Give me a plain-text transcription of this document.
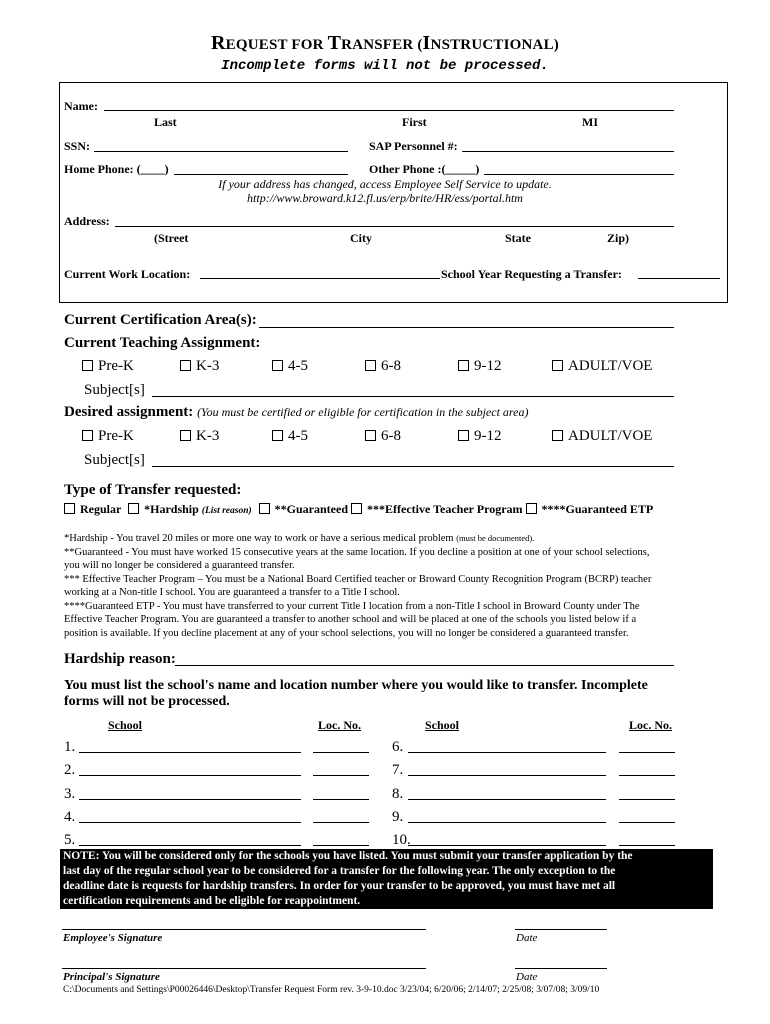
REQUEST FOR TRANSFER (INSTRUCTIONAL)
Incomplete forms will not be processed.
Name:
Last	First	MI
SSN:	SAP Personnel #:
Home Phone: (____)	Other Phone :(_____)
If your address has changed, access Employee Self Service to update.
http://www.broward.k12.fl.us/erp/brite/HR/ess/portal.htm
Address:
(Street	City	State	Zip)
Current Work Location:	School Year Requesting a Transfer:
Current Certification Area(s):
Current Teaching Assignment:
Pre-K	K-3	4-5	6-8	9-12	ADULT/VOE
Subject[s]
Desired assignment: (You must be certified or eligible for certification in the subject area)
Pre-K	K-3	4-5	6-8	9-12	ADULT/VOE
Subject[s]
Type of Transfer requested:
Regular *Hardship (List reason) **Guaranteed ***Effective Teacher Program ****Guaranteed ETP
*Hardship - You travel 20 miles or more one way to work or have a serious medical problem (must be documented).
**Guaranteed - You must have worked 15 consecutive years at the same location. If you decline a position at one of your school selections,
you will no longer be considered a guaranteed transfer.
*** Effective Teacher Program – You must be a National Board Certified teacher or Broward County Recognition Program (BCRP) teacher
working at a Non-title I school. You are guaranteed a transfer to a Title I school.
****Guaranteed ETP - You must have transferred to your current Title I location from a non-Title I school in Broward County under The
Effective Teacher Program. You are guaranteed a transfer to another school and will be placed at one of the schools you listed below if a
position is available. If you decline placement at any of your school selections, you will no longer be considered a guaranteed transfer.
Hardship reason:
You must list the school's name and location number where you would like to transfer. Incomplete
forms will not be processed.
School	Loc. No.	School	Loc. No.
1.	6.
2.	7.
3.	8.
4.	9.
5.	10.
NOTE: You will be considered only for the schools you have listed. You must submit your transfer application by the
last day of the regular school year to be considered for a transfer for the following year. The only exception to the
deadline date is requests for hardship transfers. In order for your transfer to be approved, you must have met all
certification requirements and be eligible for reappointment.
Employee's Signature	Date
Principal's Signature	Date
C:\Documents and Settings\P00026446\Desktop\Transfer Request Form rev. 3-9-10.doc 3/23/04; 6/20/06; 2/14/07; 2/25/08; 3/07/08; 3/09/10
